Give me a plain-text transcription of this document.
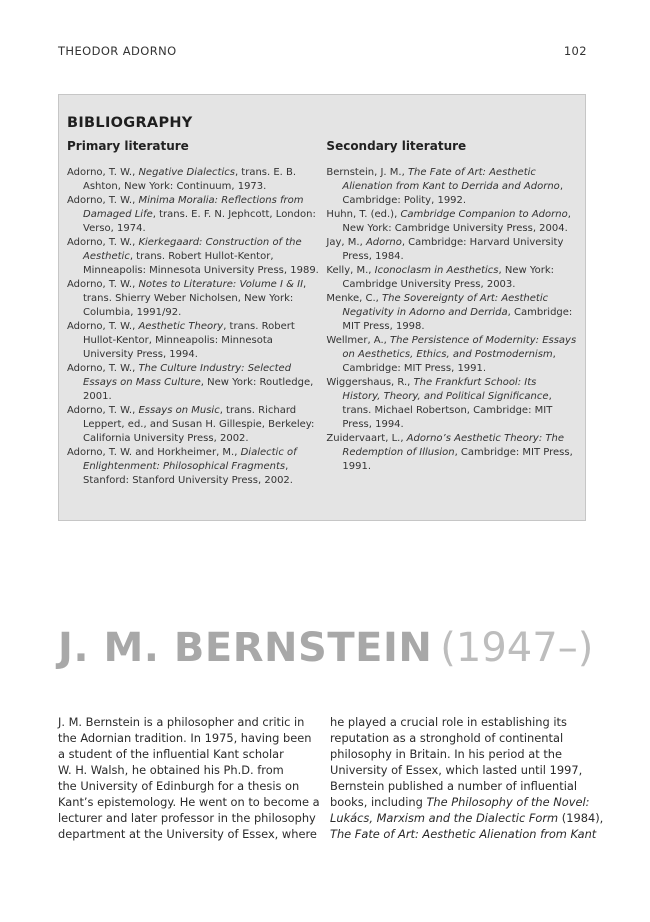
THEODOR ADORNO	102
BIBLIOGRAPHY
Primary literature

Adorno, T. W., Negative Dialectics, trans. E. B. Ashton, New York: Continuum, 1973.

Adorno, T. W., Minima Moralia: Reflections from Damaged Life, trans. E. F. N. Jephcott, London: Verso, 1974.

Adorno, T. W., Kierkegaard: Construction of the Aesthetic, trans. Robert Hullot-Kentor, Minneapolis: Minnesota University Press, 1989.

Adorno, T. W., Notes to Literature: Volume I & II, trans. Shierry Weber Nicholsen, New York: Columbia, 1991/92.

Adorno, T. W., Aesthetic Theory, trans. Robert Hullot-Kentor, Minneapolis: Minnesota University Press, 1994.

Adorno, T. W., The Culture Industry: Selected Essays on Mass Culture, New York: Routledge, 2001.

Adorno, T. W., Essays on Music, trans. Richard Leppert, ed., and Susan H. Gillespie, Berkeley: California University Press, 2002.

Adorno, T. W. and Horkheimer, M., Dialectic of Enlightenment: Philosophical Fragments, Stanford: Stanford University Press, 2002.

Secondary literature

Bernstein, J. M., The Fate of Art: Aesthetic Alienation from Kant to Derrida and Adorno, Cambridge: Polity, 1992.

Huhn, T. (ed.), Cambridge Companion to Adorno, New York: Cambridge University Press, 2004.

Jay, M., Adorno, Cambridge: Harvard University Press, 1984.

Kelly, M., Iconoclasm in Aesthetics, New York: Cambridge University Press, 2003.

Menke, C., The Sovereignty of Art: Aesthetic Negativity in Adorno and Derrida, Cambridge: MIT Press, 1998.

Wellmer, A., The Persistence of Modernity: Essays on Aesthetics, Ethics, and Postmodernism, Cambridge: MIT Press, 1991.

Wiggershaus, R., The Frankfurt School: Its History, Theory, and Political Significance, trans. Michael Robertson, Cambridge: MIT Press, 1994.

Zuidervaart, L., Adorno’s Aesthetic Theory: The Redemption of Illusion, Cambridge: MIT Press, 1991.

J. M. BERNSTEIN (1947–)
J. M. Bernstein is a philosopher and critic in
the Adornian tradition. In 1975, having been
a student of the influential Kant scholar
W. H. Walsh, he obtained his Ph.D. from
the University of Edinburgh for a thesis on
Kant’s epistemology. He went on to become a
lecturer and later professor in the philosophy
department at the University of Essex, where
he played a crucial role in establishing its
reputation as a stronghold of continental
philosophy in Britain. In his period at the
University of Essex, which lasted until 1997,
Bernstein published a number of influential
books, including The Philosophy of the Novel:
Lukács, Marxism and the Dialectic Form (1984),
The Fate of Art: Aesthetic Alienation from Kant
